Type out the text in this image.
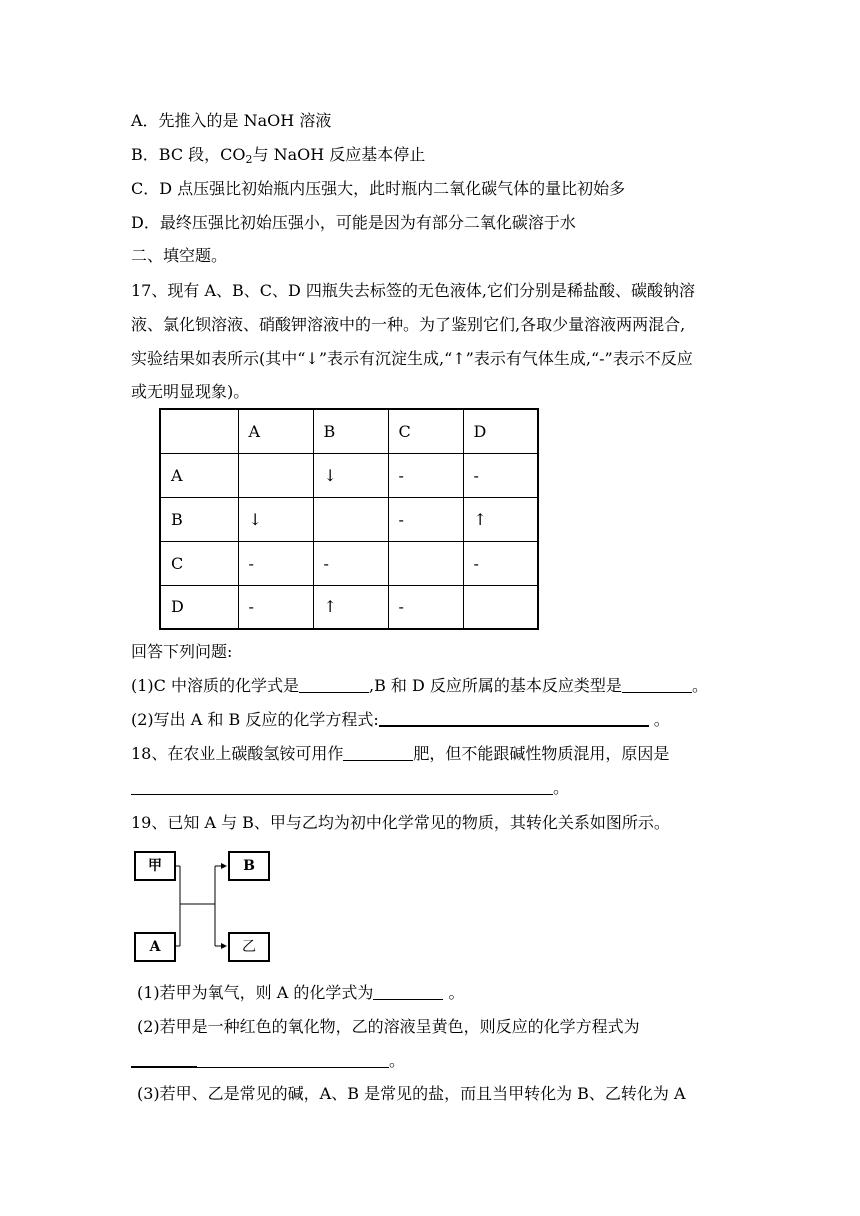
A．先推入的是 NaOH 溶液
B．BC 段，$CO_2$与 NaOH 反应基本停止
C．D 点压强比初始瓶内压强大，此时瓶内二氧化碳气体的量比初始多
D．最终压强比初始压强小，可能是因为有部分二氧化碳溶于水
二、填空题。
17、现有 A、B、C、D 四瓶失去标签的无色液体,它们分别是稀盐酸、碳酸钠溶
液、氯化钡溶液、硝酸钾溶液中的一种。为了鉴别它们,各取少量溶液两两混合,
实验结果如表所示(其中“↓”表示有沉淀生成,“↑”表示有气体生成,“-”表示不反应
或无明显现象)。
	A	B	C	D
A		↓	-	-
B	↓		-	↑
C	-	-		-
D	-	↑	-	
回答下列问题:
(1)C 中溶质的化学式是	,B 和 D 反应所属的基本反应类型是	。
(2)写出 A 和 B 反应的化学方程式:	。
18、在农业上碳酸氢铵可用作	肥，但不能跟碱性物质混用，原因是
。
19、已知 A 与 B、甲与乙均为初中化学常见的物质，其转化关系如图所示。
甲
A
B
乙
(1)若甲为氧气，则 A 的化学式为	。
(2)若甲是一种红色的氧化物，乙的溶液呈黄色，则反应的化学方程式为
。
(3)若甲、乙是常见的碱，A、B 是常见的盐，而且当甲转化为 B、乙转化为 A
